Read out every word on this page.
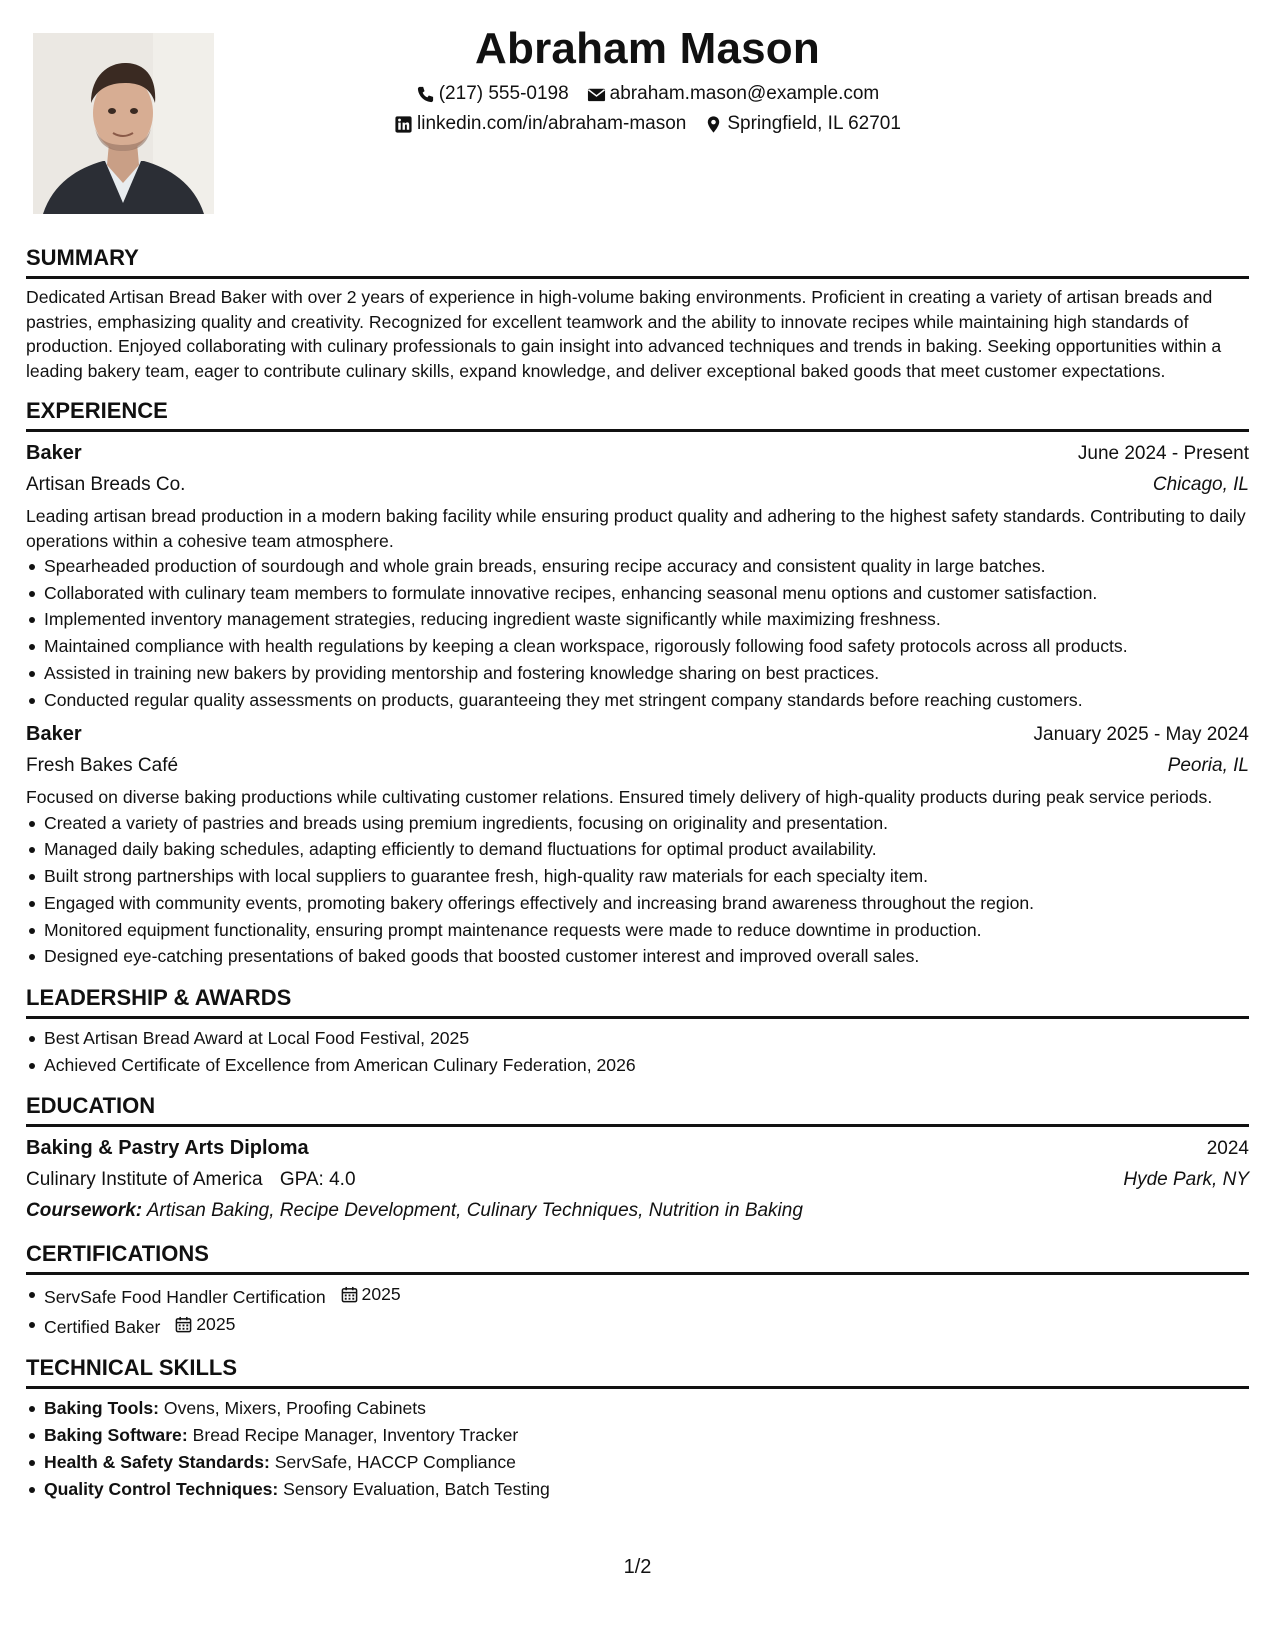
Abraham Mason
(217) 555-0198 abraham.mason@example.com
linkedin.com/in/abraham-mason Springfield, IL 62701
SUMMARY

Dedicated Artisan Bread Baker with over 2 years of experience in high-volume baking environments. Proficient in creating a variety of artisan breads and pastries, emphasizing quality and creativity. Recognized for excellent teamwork and the ability to innovate recipes while maintaining high standards of production. Enjoyed collaborating with culinary professionals to gain insight into advanced techniques and trends in baking. Seeking opportunities within a leading bakery team, eager to contribute culinary skills, expand knowledge, and deliver exceptional baked goods that meet customer expectations.

EXPERIENCE
Baker	June 2024 - Present
Artisan Breads Co.	Chicago, IL
Leading artisan bread production in a modern baking facility while ensuring product quality and adhering to the highest safety standards. Contributing to daily operations within a cohesive team atmosphere.
Spearheaded production of sourdough and whole grain breads, ensuring recipe accuracy and consistent quality in large batches.
Collaborated with culinary team members to formulate innovative recipes, enhancing seasonal menu options and customer satisfaction.
Implemented inventory management strategies, reducing ingredient waste significantly while maximizing freshness.
Maintained compliance with health regulations by keeping a clean workspace, rigorously following food safety protocols across all products.
Assisted in training new bakers by providing mentorship and fostering knowledge sharing on best practices.
Conducted regular quality assessments on products, guaranteeing they met stringent company standards before reaching customers.
Baker	January 2025 - May 2024
Fresh Bakes Café	Peoria, IL
Focused on diverse baking productions while cultivating customer relations. Ensured timely delivery of high-quality products during peak service periods.
Created a variety of pastries and breads using premium ingredients, focusing on originality and presentation.
Managed daily baking schedules, adapting efficiently to demand fluctuations for optimal product availability.
Built strong partnerships with local suppliers to guarantee fresh, high-quality raw materials for each specialty item.
Engaged with community events, promoting bakery offerings effectively and increasing brand awareness throughout the region.
Monitored equipment functionality, ensuring prompt maintenance requests were made to reduce downtime in production.
Designed eye-catching presentations of baked goods that boosted customer interest and improved overall sales.
LEADERSHIP & AWARDS
Best Artisan Bread Award at Local Food Festival, 2025
Achieved Certificate of Excellence from American Culinary Federation, 2026
EDUCATION
Baking & Pastry Arts Diploma	2024
Culinary Institute of America GPA: 4.0	Hyde Park, NY
Coursework: Artisan Baking, Recipe Development, Culinary Techniques, Nutrition in Baking
CERTIFICATIONS
ServSafe Food Handler Certification 2025
Certified Baker 2025
TECHNICAL SKILLS
Baking Tools: Ovens, Mixers, Proofing Cabinets
Baking Software: Bread Recipe Manager, Inventory Tracker
Health & Safety Standards: ServSafe, HACCP Compliance
Quality Control Techniques: Sensory Evaluation, Batch Testing
1/2
